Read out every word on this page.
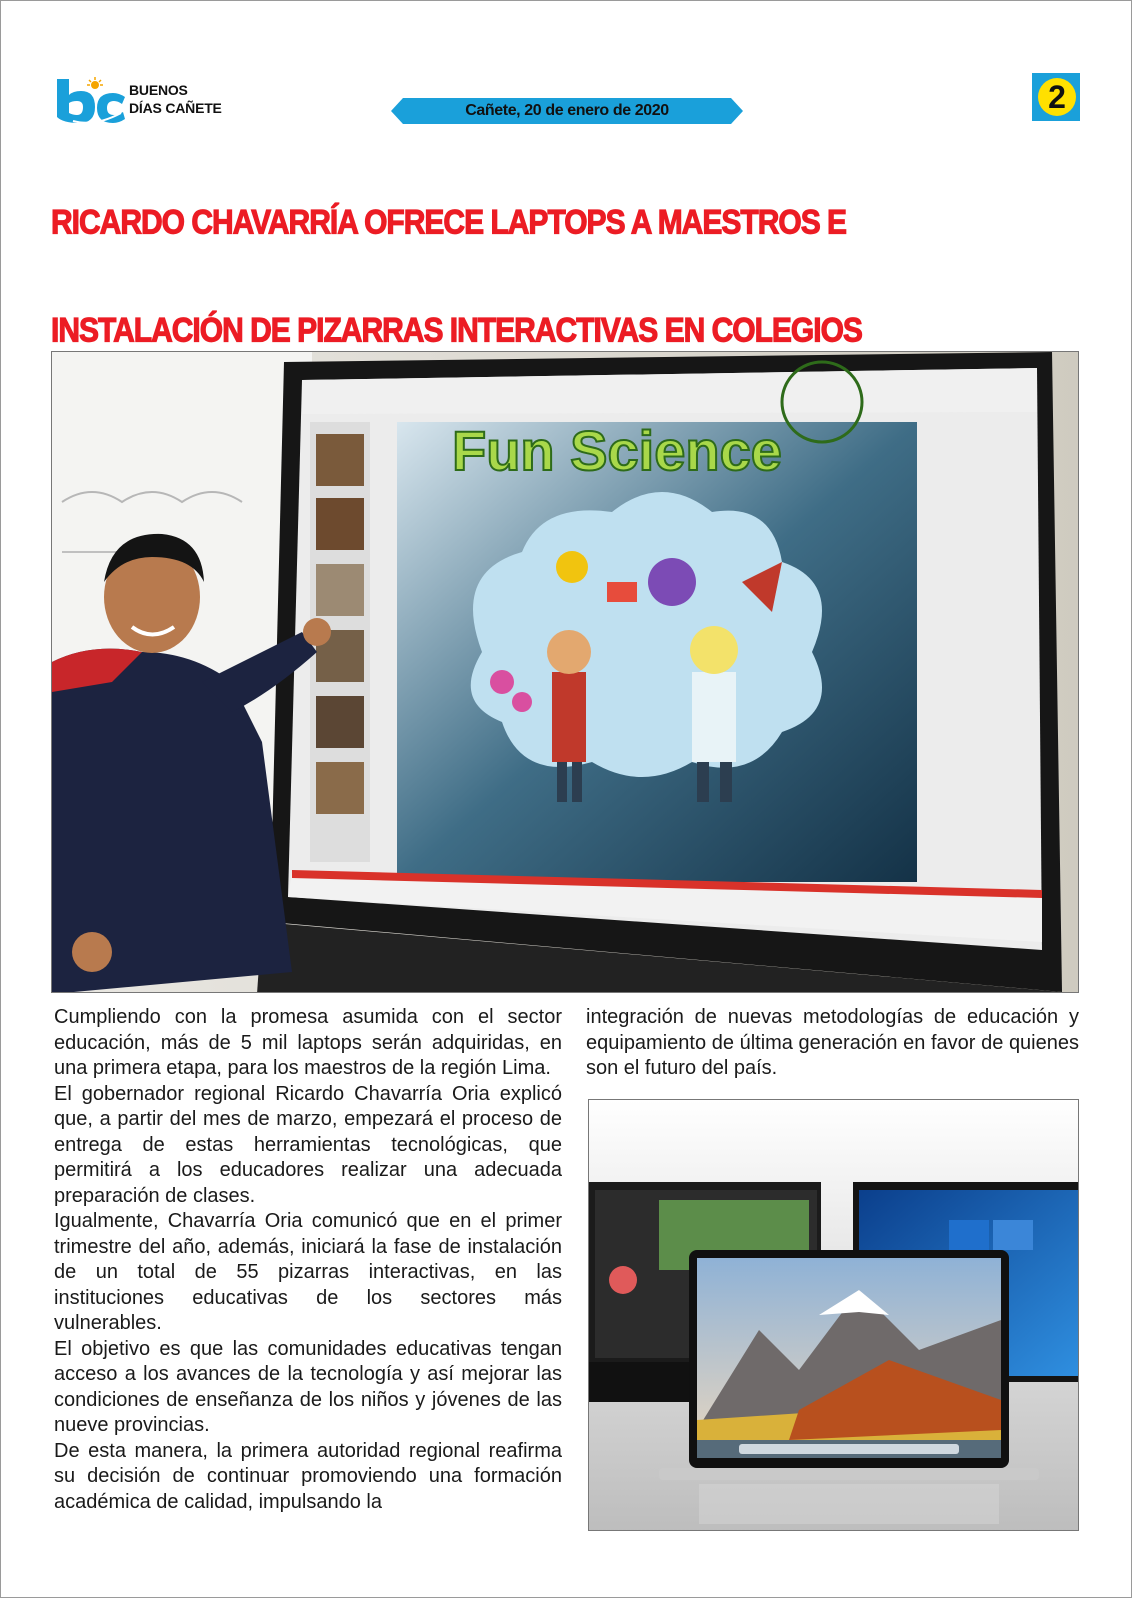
BUENOS
DÍAS CAÑETE	Cañete, 20 de enero de 2020	2
RICARDO CHAVARRÍA OFRECE LAPTOPS A MAESTROS E
INSTALACIÓN DE PIZARRAS INTERACTIVAS EN COLEGIOS
Fun Science

Cumpliendo con la promesa asumida con el sector educación, más de 5 mil laptops serán adquiridas, en una primera etapa, para los maestros de la región Lima.

El gobernador regional Ricardo Chavarría Oria explicó que, a partir del mes de marzo, empezará el proceso de entrega de estas herramientas tecnológicas, que permitirá a los educadores realizar una adecuada preparación de clases.

Igualmente, Chavarría Oria comunicó que en el primer trimestre del año, además, iniciará la fase de instalación de un total de 55 pizarras interactivas, en las instituciones educativas de los sectores más vulnerables.

El objetivo es que las comunidades educativas tengan acceso a los avances de la tecnología y así mejorar las condiciones de enseñanza de los niños y jóvenes de las nueve provincias.

De esta manera, la primera autoridad regional reafirma su decisión de continuar promoviendo una formación académica de calidad, impulsando la

integración de nuevas metodologías de educación y equipamiento de última generación en favor de quienes son el futuro del país.
